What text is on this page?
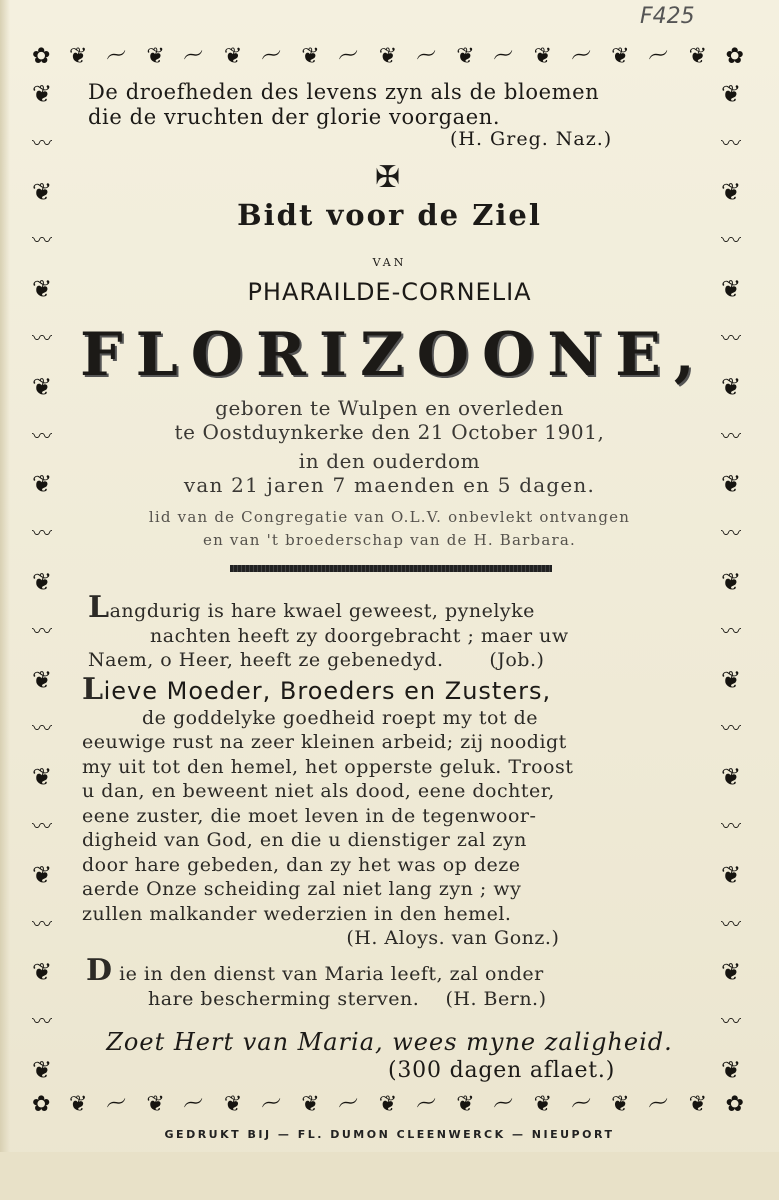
F425
✿ ❦ 〜 ❦ 〜 ❦ 〜 ❦ 〜 ❦ 〜 ❦ 〜 ❦ 〜 ❦ 〜 ❦ ✿
❦
〰
❦
〰
❦
〰
❦
〰
❦
〰
❦
〰
❦
〰
❦
〰
❦
〰
❦
〰
❦
❦
〰
❦
〰
❦
〰
❦
〰
❦
〰
❦
〰
❦
〰
❦
〰
❦
〰
❦
〰
❦
✿ ❦ 〜 ❦ 〜 ❦ 〜 ❦ 〜 ❦ 〜 ❦ 〜 ❦ 〜 ❦ 〜 ❦ ✿
De droefheden des levens zyn als de bloemen
die de vruchten der glorie voorgaen.
(H. Greg. Naz.)
✠
Bidt voor de Ziel
VAN
PHARAILDE-CORNELIA
FLORIZOONE,
geboren te Wulpen en overleden
te Oostduynkerke den 21 October 1901,
in den ouderdom
van 21 jaren 7 maenden en 5 dagen.
lid van de Congregatie van O.L.V. onbevlekt ontvangen
en van 't broederschap van de H. Barbara.
Langdurig is hare kwael geweest, pynelyke
nachten heeft zy doorgebracht ; maer uw
Naem, o Heer, heeft ze gebenedyd. (Job.)
Lieve Moeder, Broeders en Zusters,
de goddelyke goedheid roept my tot de
eeuwige rust na zeer kleinen arbeid; zij noodigt
my uit tot den hemel, het opperste geluk. Troost
u dan, en beweent niet als dood, eene dochter,
eene zuster, die moet leven in de tegenwoor-
digheid van God, en die u dienstiger zal zyn
door hare gebeden, dan zy het was op deze
aerde Onze scheiding zal niet lang zyn ; wy
zullen malkander wederzien in den hemel.
(H. Aloys. van Gonz.)
D ie in den dienst van Maria leeft, zal onder
hare bescherming sterven. (H. Bern.)
Zoet Hert van Maria, wees myne zaligheid.
(300 dagen aflaet.)
GEDRUKT BIJ — FL. DUMON CLEENWERCK — NIEUPORT
